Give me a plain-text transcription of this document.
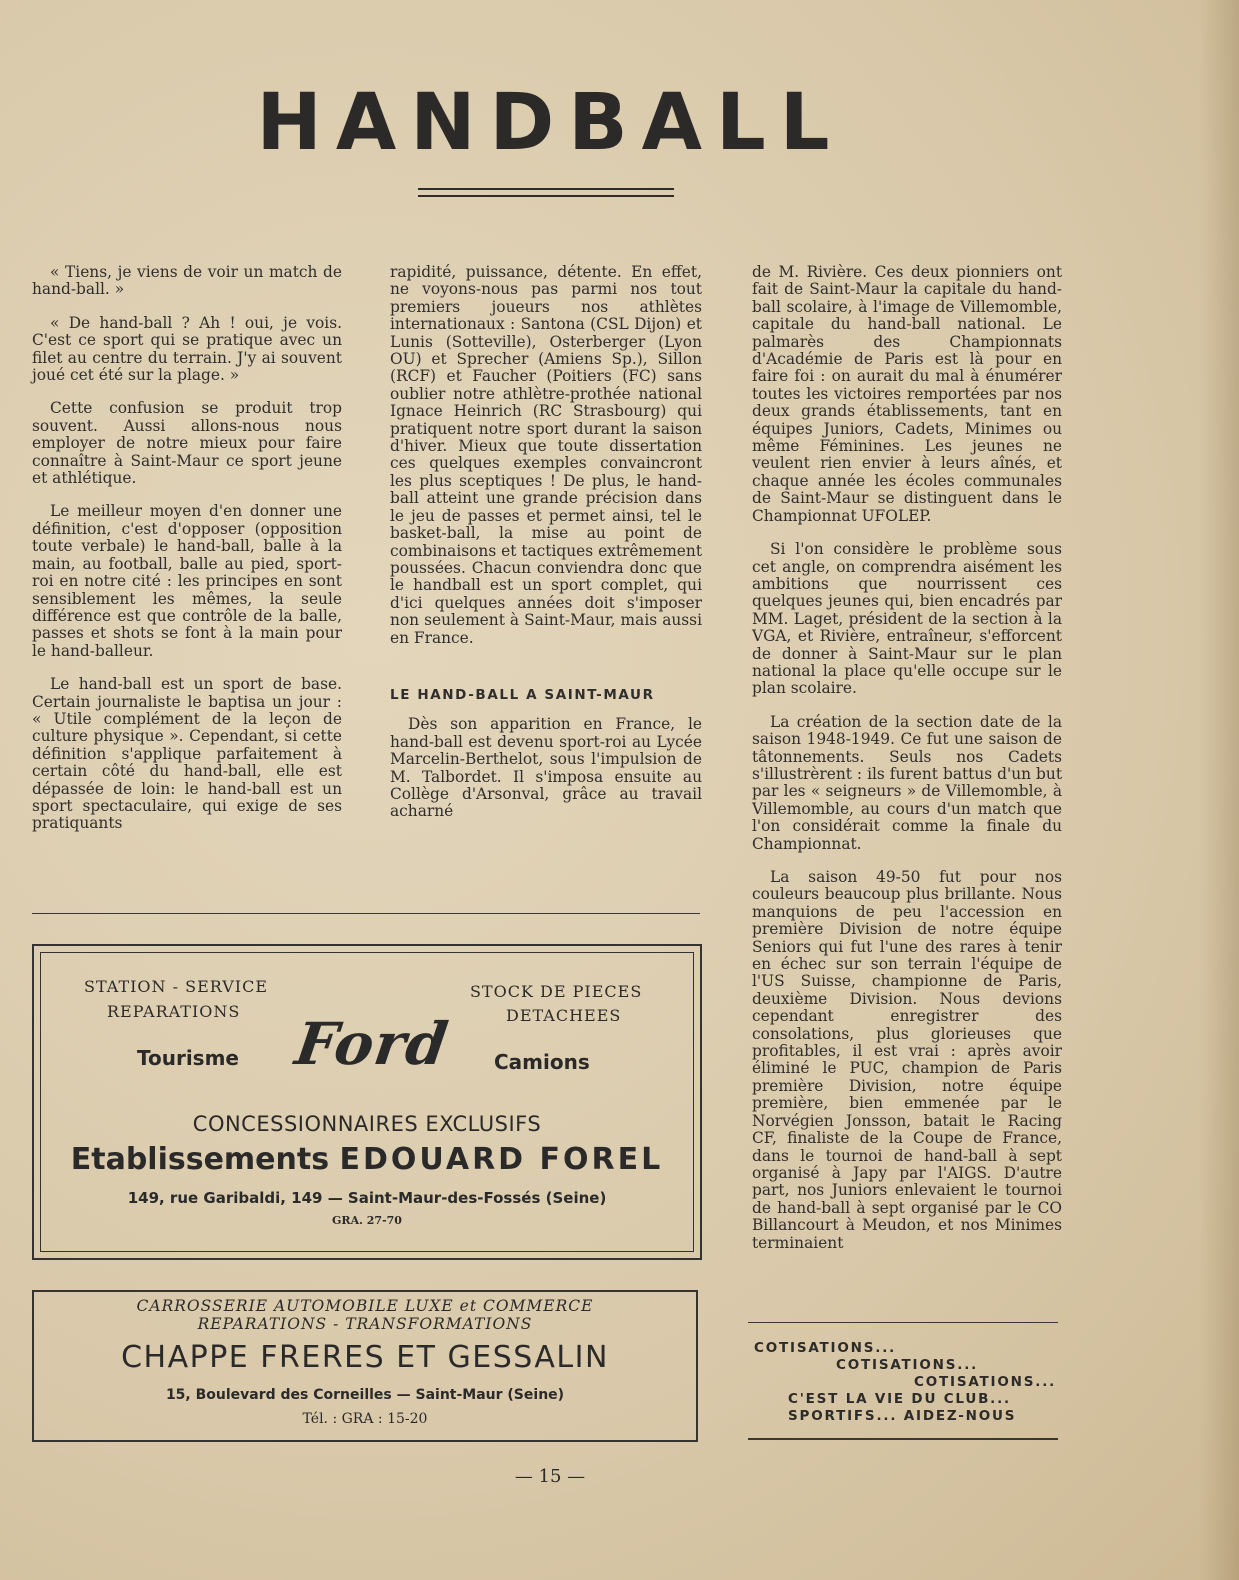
HANDBALL

« Tiens, je viens de voir un match de hand-ball. »

« De hand-ball ? Ah ! oui, je vois. C'est ce sport qui se pratique avec un filet au centre du terrain. J'y ai souvent joué cet été sur la plage. »

Cette confusion se produit trop souvent. Aussi allons-nous nous employer de notre mieux pour faire connaître à Saint-Maur ce sport jeune et athlétique.

Le meilleur moyen d'en donner une définition, c'est d'opposer (opposition toute verbale) le hand-ball, balle à la main, au football, balle au pied, sport-roi en notre cité : les principes en sont sensiblement les mêmes, la seule différence est que contrôle de la balle, passes et shots se font à la main pour le hand-balleur.

Le hand-ball est un sport de base. Certain journaliste le baptisa un jour : « Utile complément de la leçon de culture physique ». Cependant, si cette définition s'applique parfaitement à certain côté du hand-ball, elle est dépassée de loin: le hand-ball est un sport spectaculaire, qui exige de ses pratiquants

rapidité, puissance, détente. En effet, ne voyons-nous pas parmi nos tout premiers joueurs nos athlètes internationaux : Santona (CSL Dijon) et Lunis (Sotteville), Osterberger (Lyon OU) et Sprecher (Amiens Sp.), Sillon (RCF) et Faucher (Poitiers (FC) sans oublier notre athlètre-prothée national Ignace Heinrich (RC Strasbourg) qui pratiquent notre sport durant la saison d'hiver. Mieux que toute dissertation ces quelques exemples convaincront les plus sceptiques ! De plus, le hand-ball atteint une grande précision dans le jeu de passes et permet ainsi, tel le basket-ball, la mise au point de combinaisons et tactiques extrêmement poussées. Chacun conviendra donc que le handball est un sport complet, qui d'ici quelques années doit s'imposer non seulement à Saint-Maur, mais aussi en France.

LE HAND-BALL A SAINT-MAUR

Dès son apparition en France, le hand-ball est devenu sport-roi au Lycée Marcelin-Berthelot, sous l'impulsion de M. Talbordet. Il s'imposa ensuite au Collège d'Arsonval, grâce au travail acharné

de M. Rivière. Ces deux pionniers ont fait de Saint-Maur la capitale du hand-ball scolaire, à l'image de Villemomble, capitale du hand-ball national. Le palmarès des Championnats d'Académie de Paris est là pour en faire foi : on aurait du mal à énumérer toutes les victoires remportées par nos deux grands établissements, tant en équipes Juniors, Cadets, Minimes ou même Féminines. Les jeunes ne veulent rien envier à leurs aînés, et chaque année les écoles communales de Saint-Maur se distinguent dans le Championnat UFOLEP.

Si l'on considère le problème sous cet angle, on comprendra aisément les ambitions que nourrissent ces quelques jeunes qui, bien encadrés par MM. Laget, président de la section à la VGA, et Rivière, entraîneur, s'efforcent de donner à Saint-Maur sur le plan national la place qu'elle occupe sur le plan scolaire.

La création de la section date de la saison 1948-1949. Ce fut une saison de tâtonnements. Seuls nos Cadets s'illustrèrent : ils furent battus d'un but par les « seigneurs » de Villemomble, à Villemomble, au cours d'un match que l'on considérait comme la finale du Championnat.

La saison 49-50 fut pour nos couleurs beaucoup plus brillante. Nous manquions de peu l'accession en première Division de notre équipe Seniors qui fut l'une des rares à tenir en échec sur son terrain l'équipe de l'US Suisse, championne de Paris, deuxième Division. Nous devions cependant enregistrer des consolations, plus glorieuses que profitables, il est vrai : après avoir éliminé le PUC, champion de Paris première Division, notre équipe première, bien emmenée par le Norvégien Jonsson, batait le Racing CF, finaliste de la Coupe de France, dans le tournoi de hand-ball à sept organisé à Japy par l'AIGS. D'autre part, nos Juniors enlevaient le tournoi de hand-ball à sept organisé par le CO Billancourt à Meudon, et nos Minimes terminaient

STATION - SERVICE
REPARATIONS
STOCK DE PIECES
DETACHEES
Tourisme Ford Camions
CONCESSIONNAIRES EXCLUSIFS
Etablissements EDOUARD FOREL
149, rue Garibaldi, 149 — Saint-Maur-des-Fossés (Seine)
GRA. 27-70
CARROSSERIE AUTOMOBILE LUXE et COMMERCE
REPARATIONS - TRANSFORMATIONS
CHAPPE FRERES ET GESSALIN
15, Boulevard des Corneilles — Saint-Maur (Seine)
Tél. : GRA : 15-20
COTISATIONS...
COTISATIONS...
COTISATIONS...
C'EST LA VIE DU CLUB...
SPORTIFS... AIDEZ-NOUS
— 15 —
